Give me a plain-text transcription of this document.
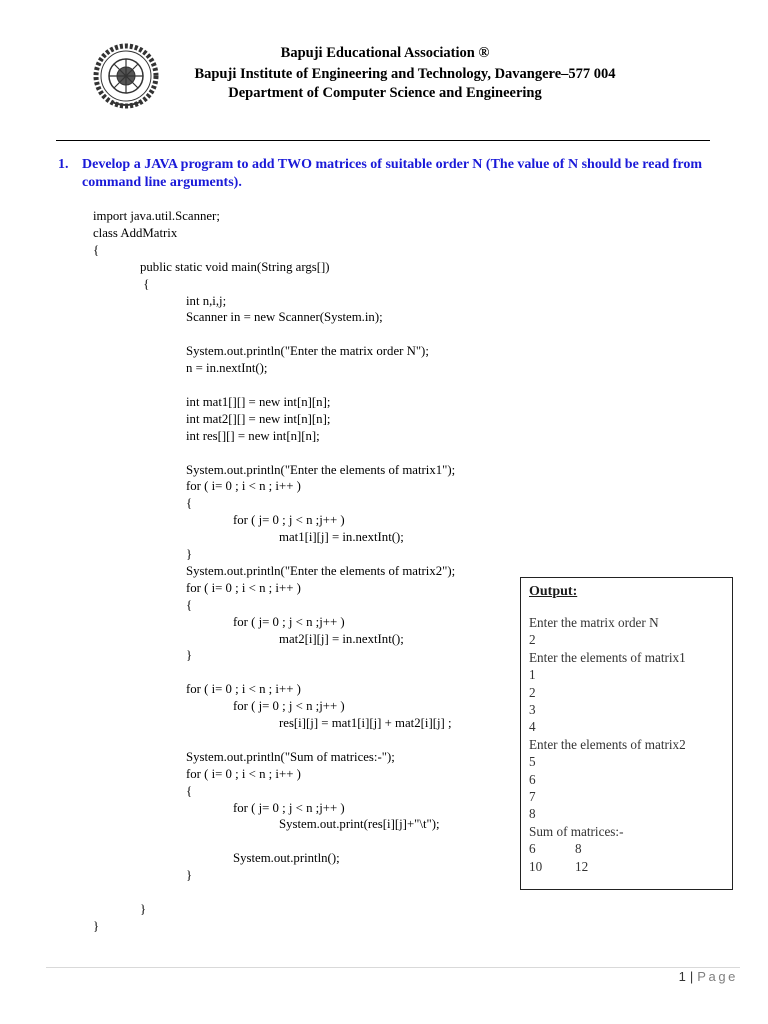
Bapuji Educational Association ®
Bapuji Institute of Engineering and Technology, Davangere–577 004
Department of Computer Science and Engineering
1. Develop a JAVA program to add TWO matrices of suitable order N (The value of N should be read from command line arguments).
import java.util.Scanner;
class AddMatrix
{
public static void main(String args[])
{
int n,i,j;
Scanner in = new Scanner(System.in);
System.out.println("Enter the matrix order N");
n = in.nextInt();
int mat1[][] = new int[n][n];
int mat2[][] = new int[n][n];
int res[][] = new int[n][n];
System.out.println("Enter the elements of matrix1");
for ( i= 0 ; i < n ; i++ )
{
for ( j= 0 ; j < n ;j++ )
mat1[i][j] = in.nextInt();
}
System.out.println("Enter the elements of matrix2");
for ( i= 0 ; i < n ; i++ )
{
for ( j= 0 ; j < n ;j++ )
mat2[i][j] = in.nextInt();
}
for ( i= 0 ; i < n ; i++ )
for ( j= 0 ; j < n ;j++ )
res[i][j] = mat1[i][j] + mat2[i][j] ;
System.out.println("Sum of matrices:-");
for ( i= 0 ; i < n ; i++ )
{
for ( j= 0 ; j < n ;j++ )
System.out.print(res[i][j]+"\t");
System.out.println();
}
}
}
Output:
Enter the matrix order N
2
Enter the elements of matrix1
1
2
3
4
Enter the elements of matrix2
5
6
7
8
Sum of matrices:-
6	8
10 12
1 | Page
